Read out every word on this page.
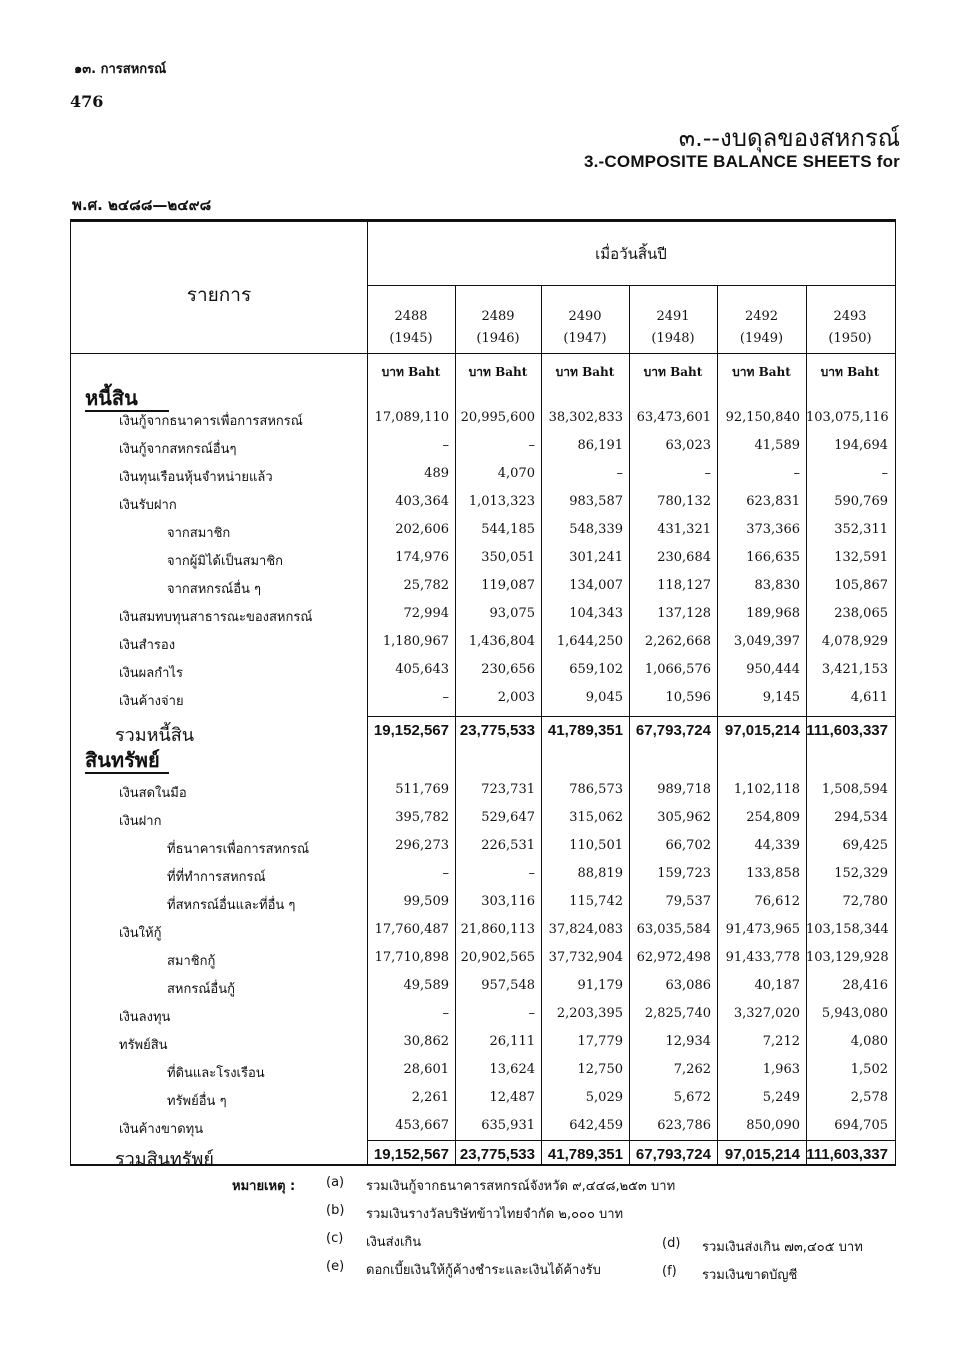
๑๓. การสหกรณ์
476
๓.--งบดุลของสหกรณ์
3.-COMPOSITE BALANCE SHEETS for
พ.ศ. ๒๔๘๘—๒๔๙๘
รายการ
เมื่อวันสิ้นปี
2488
(1945)
บาท Baht
2489
(1946)
บาท Baht
2490
(1947)
บาท Baht
2491
(1948)
บาท Baht
2492
(1949)
บาท Baht
2493
(1950)
บาท Baht
หนี้สิน
เงินกู้จากธนาคารเพื่อการสหกรณ์	17,089,110 20,995,600	38,302,833	63,473,601	92,150,840 103,075,116
เงินกู้จากสหกรณ์อื่นๆ	–	–	86,191	63,023	41,589	194,694
เงินทุนเรือนหุ้นจำหน่ายแล้ว	489	4,070	–	–	–	–
เงินรับฝาก	403,364	1,013,323	983,587	780,132	623,831	590,769
จากสมาชิก	202,606	544,185	548,339	431,321	373,366	352,311
จากผู้มิได้เป็นสมาชิก	174,976	350,051	301,241	230,684	166,635	132,591
จากสหกรณ์อื่น ๆ	25,782	119,087	134,007	118,127	83,830	105,867
เงินสมทบทุนสาธารณะของสหกรณ์	72,994	93,075	104,343	137,128	189,968	238,065
เงินสำรอง	1,180,967	1,436,804	1,644,250	2,262,668	3,049,397	4,078,929
เงินผลกำไร	405,643	230,656	659,102	1,066,576	950,444	3,421,153
เงินค้างจ่าย	–	2,003	9,045	10,596	9,145	4,611
รวมหนี้สิน	19,152,567 23,775,533 41,789,351 67,793,724 97,015,214 111,603,337
สินทรัพย์
เงินสดในมือ	511,769	723,731	786,573	989,718	1,102,118	1,508,594
เงินฝาก	395,782	529,647	315,062	305,962	254,809	294,534
ที่ธนาคารเพื่อการสหกรณ์	296,273	226,531	110,501	66,702	44,339	69,425
ที่ที่ทำการสหกรณ์	–	–	88,819	159,723	133,858	152,329
ที่สหกรณ์อื่นและที่อื่น ๆ	99,509	303,116	115,742	79,537	76,612	72,780
เงินให้กู้	17,760,487 21,860,113	37,824,083	63,035,584	91,473,965 103,158,344
สมาชิกกู้	17,710,898 20,902,565	37,732,904	62,972,498	91,433,778 103,129,928
สหกรณ์อื่นกู้	49,589	957,548	91,179	63,086	40,187	28,416
เงินลงทุน	–	–	2,203,395	2,825,740	3,327,020	5,943,080
ทรัพย์สิน	30,862	26,111	17,779	12,934	7,212	4,080
ที่ดินและโรงเรือน	28,601	13,624	12,750	7,262	1,963	1,502
ทรัพย์อื่น ๆ	2,261	12,487	5,029	5,672	5,249	2,578
เงินค้างขาดทุน	453,667	635,931	642,459	623,786	850,090	694,705
รวมสินทรัพย์	19,152,567 23,775,533 41,789,351 67,793,724 97,015,214 111,603,337
หมายเหตุ : (a) รวมเงินกู้จากธนาคารสหกรณ์จังหวัด ๙,๔๔๘,๒๕๓ บาท
(b) รวมเงินรางวัลบริษัทข้าวไทยจำกัด ๒,๐๐๐ บาท
(c) เงินส่งเกิน	(d) รวมเงินส่งเกิน ๗๓,๔๐๕ บาท
(e) ดอกเบี้ยเงินให้กู้ค้างชำระและเงินได้ค้างรับ	(f) รวมเงินขาดบัญชี
